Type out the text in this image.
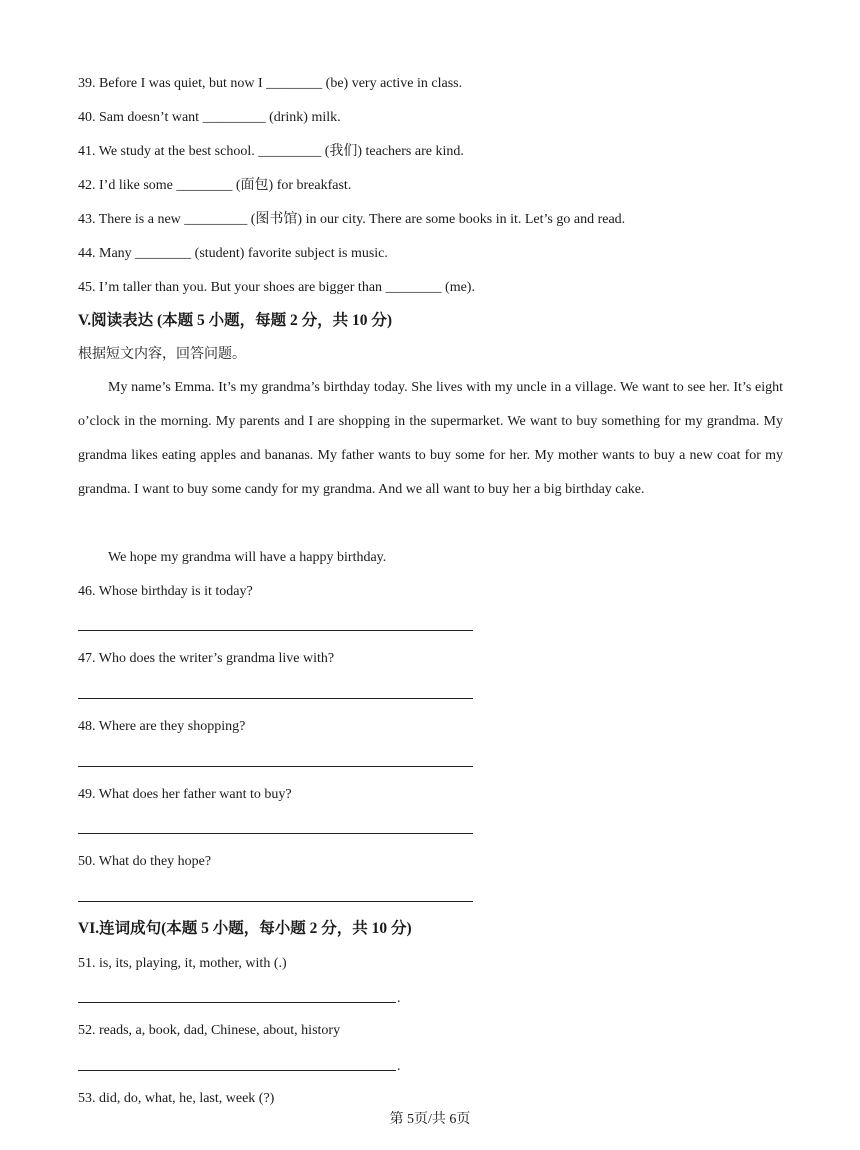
39. Before I was quiet, but now I ________ (be) very active in class.
40. Sam doesn’t want _________ (drink) milk.
41. We study at the best school. _________ (我们) teachers are kind.
42. I’d like some ________ (面包) for breakfast.
43. There is a new _________ (图书馆) in our city. There are some books in it. Let’s go and read.
44. Many ________ (student) favorite subject is music.
45. I’m taller than you. But your shoes are bigger than ________ (me).
V.阅读表达 (本题 5 小题，每题 2 分，共 10 分)
根据短文内容，回答问题。
My name’s Emma. It’s my grandma’s birthday today. She lives with my uncle in a village. We want to see her. It’s eight o’clock in the morning. My parents and I are shopping in the supermarket. We want to buy something for my grandma. My grandma likes eating apples and bananas. My father wants to buy some for her. My mother wants to buy a new coat for my grandma. I want to buy some candy for my grandma. And we all want to buy her a big birthday cake.
We hope my grandma will have a happy birthday.
46. Whose birthday is it today?
47. Who does the writer’s grandma live with?
48. Where are they shopping?
49. What does her father want to buy?
50. What do they hope?
VI.连词成句(本题 5 小题，每小题 2 分，共 10 分)
51. is, its, playing, it, mother, with (.)
.
52. reads, a, book, dad, Chinese, about, history
.
53. did, do, what, he, last, week (?)
第 5页/共 6页
